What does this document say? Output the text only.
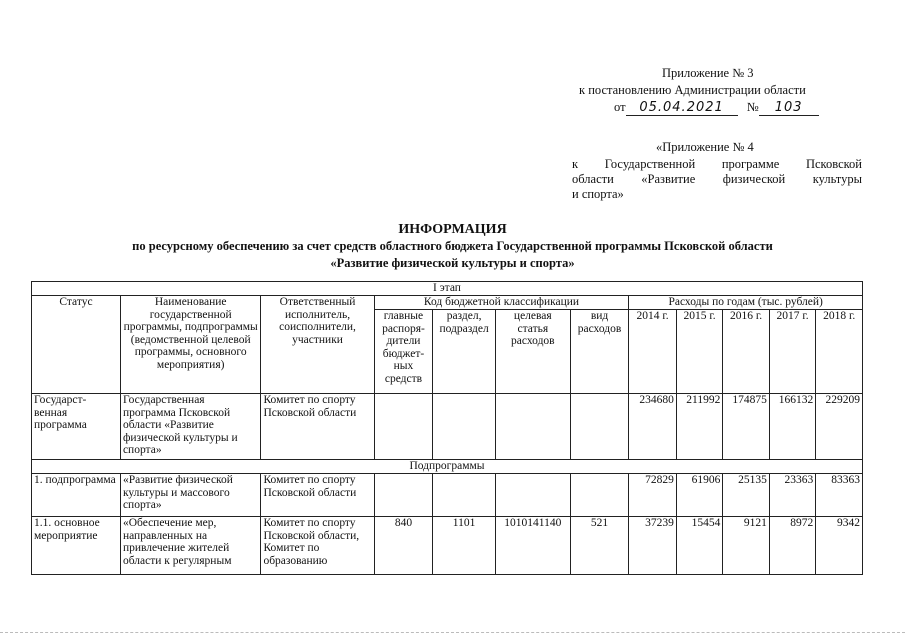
Приложение № 3
к постановлению Администрации области
от 05.04.2021 № 103
«Приложение № 4
к Государственной программе Псковской
области «Развитие физической культуры
и спорта»
ИНФОРМАЦИЯ
по ресурсному обеспечению за счет средств областного бюджета Государственной программы Псковской области
«Развитие физической культуры и спорта»
I этап											
Статус	Наименование государственной программы, подпрограммы (ведомственной целевой программы, основного мероприятия)	Ответственный исполнитель, соисполнители, участники	Код бюджетной классификации				Расходы по годам (тыс. рублей)				
			главные распоря-дители бюджет-ных средств	раздел, подраздел	целевая статья расходов	вид расходов	2014 г.	2015 г.	2016 г.	2017 г.	2018 г.
Государст-венная программа	Государственная программа Псковской области «Развитие физической культуры и спорта»	Комитет по спорту Псковской области					234680	211992	174875	166132	229209
Подпрограммы											
1. подпрограмма	«Развитие физической культуры и массового спорта»	Комитет по спорту Псковской области					72829	61906	25135	23363	83363
1.1. основное мероприятие	«Обеспечение мер, направленных на привлечение жителей области к регулярным	Комитет по спорту Псковской области, Комитет по образованию	840	1101	1010141140	521	37239	15454	9121	8972	9342
